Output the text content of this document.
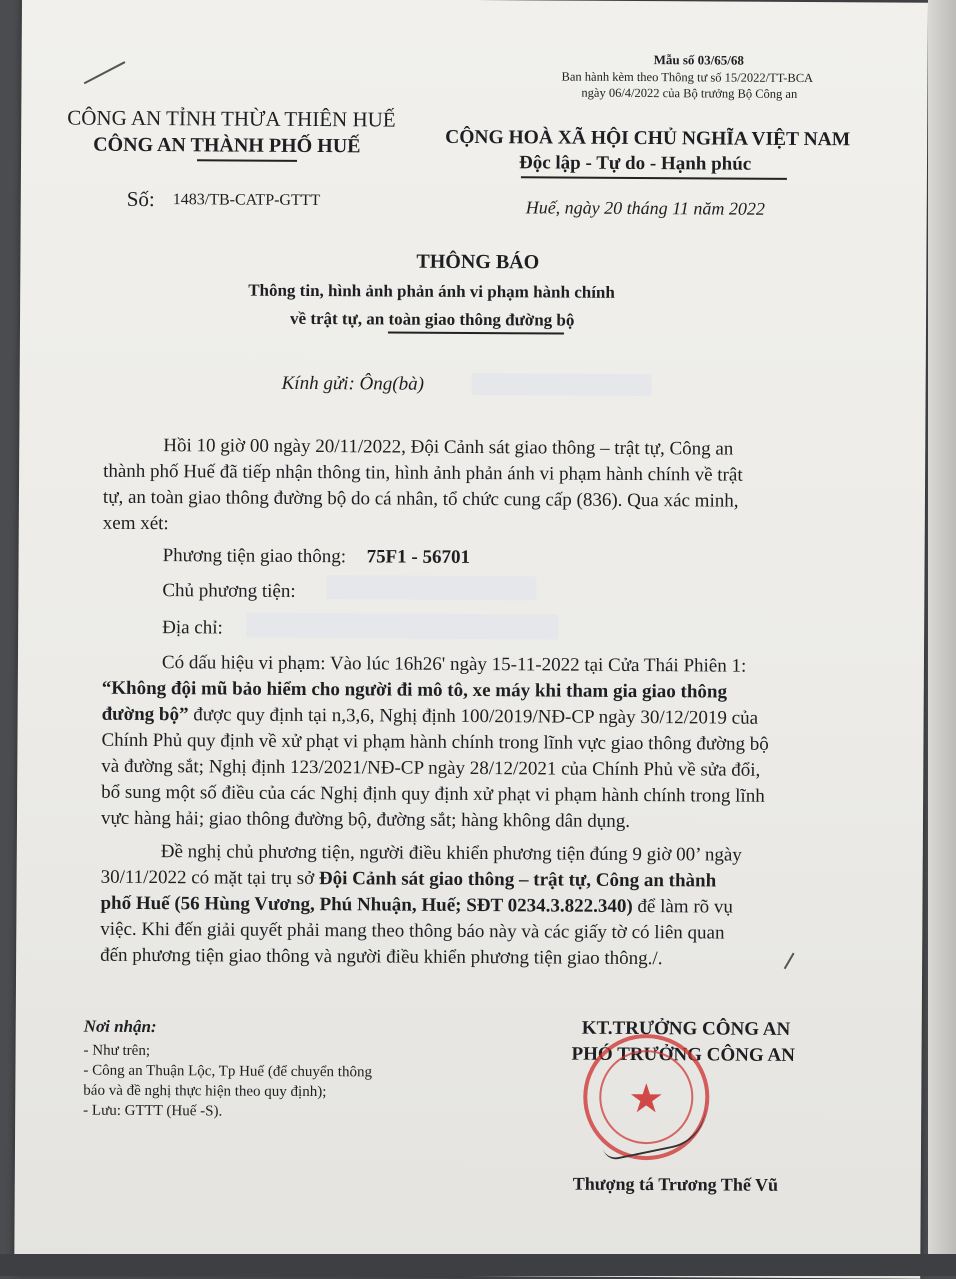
Mẫu số 03/65/68
Ban hành kèm theo Thông tư số 15/2022/TT-BCA
ngày 06/4/2022 của Bộ trưởng Bộ Công an
CÔNG AN TỈNH THỪA THIÊN HUẾ
CÔNG AN THÀNH PHỐ HUẾ
Số: 1483/TB-CATP-GTTT
CỘNG HOÀ XÃ HỘI CHỦ NGHĨA VIỆT NAM
Độc lập - Tự do - Hạnh phúc
Huế, ngày 20 tháng 11 năm 2022
THÔNG BÁO
Thông tin, hình ảnh phản ánh vi phạm hành chính
về trật tự, an toàn giao thông đường bộ
Kính gửi: Ông(bà)
Hồi 10 giờ 00 ngày 20/11/2022, Đội Cảnh sát giao thông – trật tự, Công an
thành phố Huế đã tiếp nhận thông tin, hình ảnh phản ánh vi phạm hành chính về trật
tự, an toàn giao thông đường bộ do cá nhân, tổ chức cung cấp (836). Qua xác minh,
xem xét:
Phương tiện giao thông: 75F1 - 56701
Chủ phương tiện:
Địa chỉ:
Có dấu hiệu vi phạm: Vào lúc 16h26' ngày 15-11-2022 tại Cửa Thái Phiên 1:
“Không đội mũ bảo hiểm cho người đi mô tô, xe máy khi tham gia giao thông
đường bộ” được quy định tại n,3,6, Nghị định 100/2019/NĐ-CP ngày 30/12/2019 của
Chính Phủ quy định về xử phạt vi phạm hành chính trong lĩnh vực giao thông đường bộ
và đường sắt; Nghị định 123/2021/NĐ-CP ngày 28/12/2021 của Chính Phủ về sửa đổi,
bổ sung một số điều của các Nghị định quy định xử phạt vi phạm hành chính trong lĩnh
vực hàng hải; giao thông đường bộ, đường sắt; hàng không dân dụng.
Đề nghị chủ phương tiện, người điều khiển phương tiện đúng 9 giờ 00’ ngày
30/11/2022 có mặt tại trụ sở Đội Cảnh sát giao thông – trật tự, Công an thành
phố Huế (56 Hùng Vương, Phú Nhuận, Huế; SĐT 0234.3.822.340) để làm rõ vụ
việc. Khi đến giải quyết phải mang theo thông báo này và các giấy tờ có liên quan
đến phương tiện giao thông và người điều khiển phương tiện giao thông./.
Nơi nhận:
- Như trên;
- Công an Thuận Lộc, Tp Huế (để chuyển thông
báo và đề nghị thực hiện theo quy định);
- Lưu: GTTT (Huế -S).
KT.TRƯỞNG CÔNG AN
PHÓ TRƯỞNG CÔNG AN
★
Thượng tá Trương Thế Vũ
